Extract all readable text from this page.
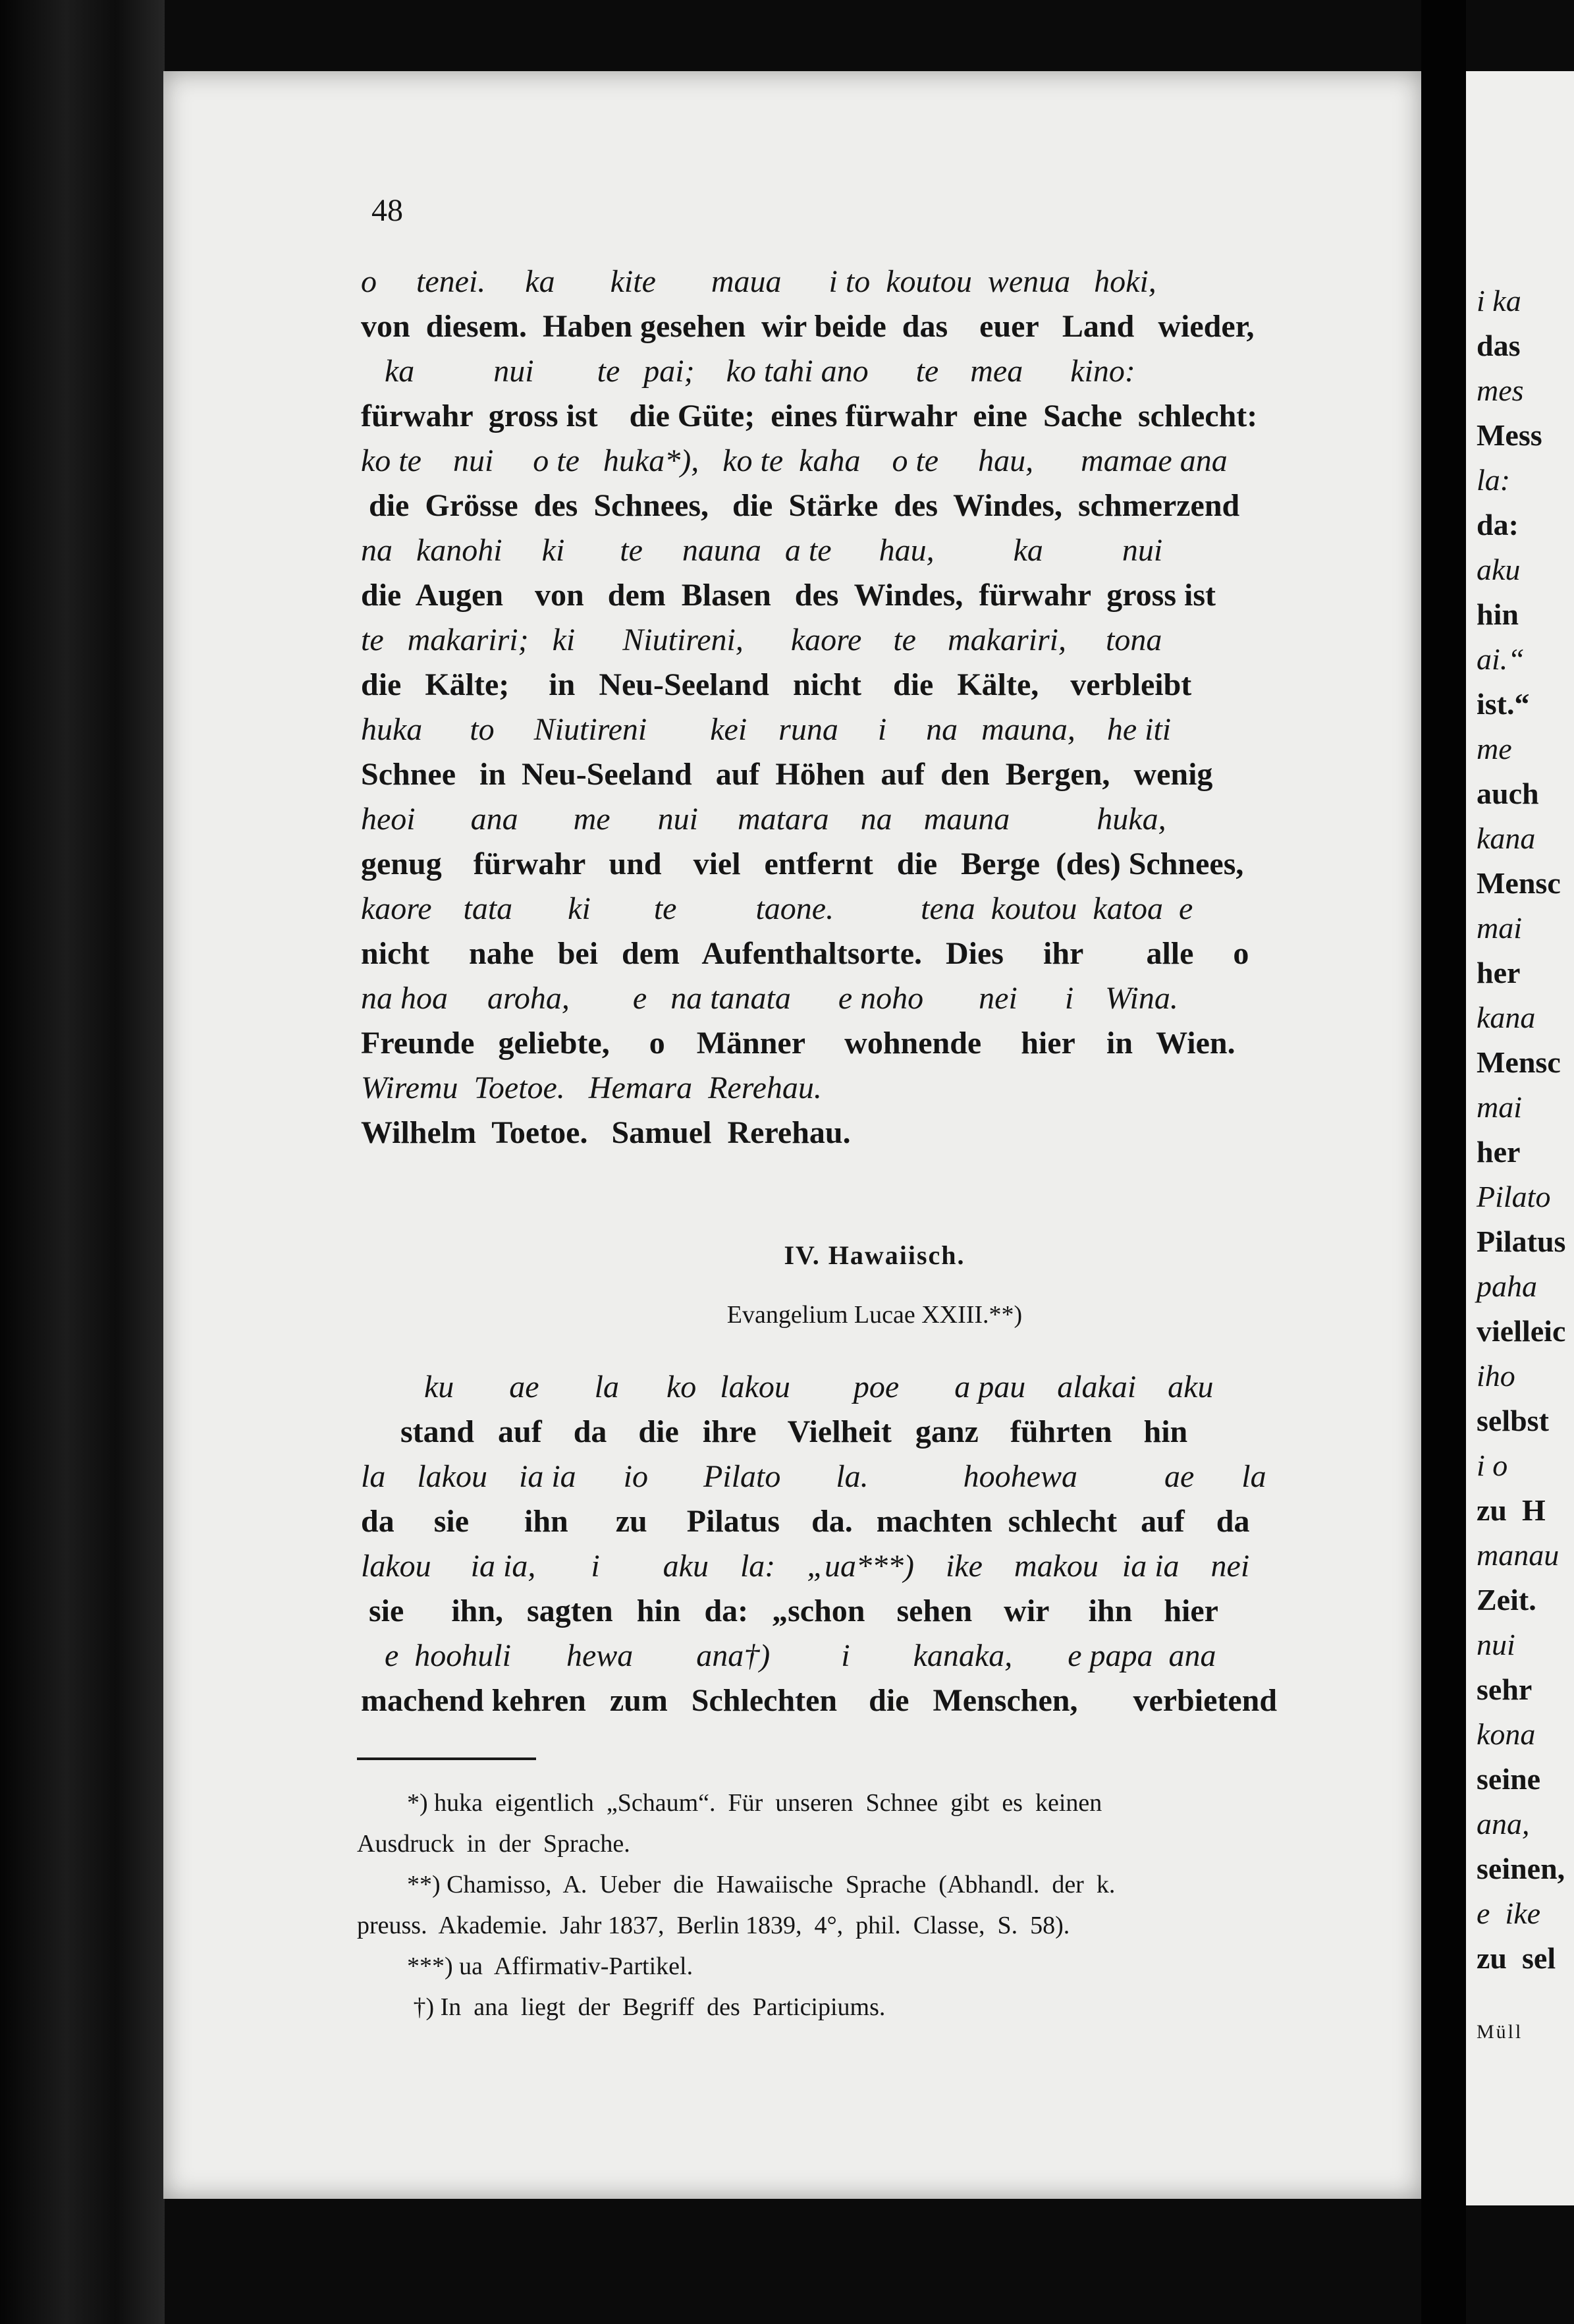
i ka

das

mes

Mess

la:

da:

aku

hin

ai.“

ist.“

me

auch

kana

Mensc

mai

her

kana

Mensc

mai

her

Pilato

Pilatus

paha

vielleic

iho

selbst

i o

zu  H

manau

Zeit.

nui

sehr

kona

seine

ana,

seinen,

e  ike

zu  sel

Müll

48

o     tenei.     ka       kite       maua      i to  koutou  wenua   hoki,

von  diesem.  Haben gesehen  wir beide  das    euer   Land   wieder,

ka          nui        te   pai;    ko tahi ano      te    mea      kino:

fürwahr  gross ist    die Güte;  eines fürwahr  eine  Sache  schlecht:

ko te    nui     o te   huka*),   ko te  kaha    o te     hau,      mamae ana

die  Grösse  des  Schnees,   die  Stärke  des  Windes,  schmerzend

na   kanohi     ki       te     nauna   a te      hau,          ka          nui

die  Augen    von   dem  Blasen   des  Windes,  fürwahr  gross ist

te   makariri;   ki      Niutireni,      kaore    te    makariri,     tona

die   Kälte;     in   Neu-Seeland   nicht    die   Kälte,    verbleibt

huka      to     Niutireni        kei    runa     i     na   mauna,    he iti

Schnee   in  Neu-Seeland   auf  Höhen  auf  den  Bergen,   wenig

heoi       ana       me      nui     matara    na    mauna           huka,

genug    fürwahr   und    viel   entfernt   die   Berge  (des) Schnees,

kaore    tata       ki        te          taone.           tena  koutou  katoa  e

nicht     nahe   bei   dem   Aufenthaltsorte.   Dies     ihr        alle     o

na hoa     aroha,        e   na tanata      e noho       nei      i    Wina.

Freunde   geliebte,     o    Männer     wohnende     hier    in   Wien.

Wiremu  Toetoe.   Hemara  Rerehau.

Wilhelm  Toetoe.   Samuel  Rerehau.

IV. Hawaiisch.
Evangelium Lucae XXIII.**)

ku       ae       la      ko   lakou        poe       a pau    alakai    aku

stand   auf    da    die   ihre    Vielheit   ganz    führten    hin

la    lakou    ia ia      io       Pilato       la.            hoohewa           ae      la

da     sie       ihn      zu     Pilatus    da.   machten  schlecht   auf    da

lakou     ia ia,       i        aku    la:    „ua***)    ike    makou   ia ia    nei

sie      ihn,   sagten   hin   da:   „schon    sehen    wir     ihn    hier

e  hoohuli       hewa        ana†)         i        kanaka,       e papa  ana

machend kehren   zum   Schlechten    die   Menschen,       verbietend

*) huka  eigentlich  „Schaum“.  Für  unseren  Schnee  gibt  es  keinen

Ausdruck  in  der  Sprache.

**) Chamisso,  A.  Ueber  die  Hawaiische  Sprache  (Abhandl.  der  k.

preuss.  Akademie.  Jahr 1837,  Berlin 1839,  4°,  phil.  Classe,  S.  58).

***) ua  Affirmativ-Partikel.

†) In  ana  liegt  der  Begriff  des  Participiums.
